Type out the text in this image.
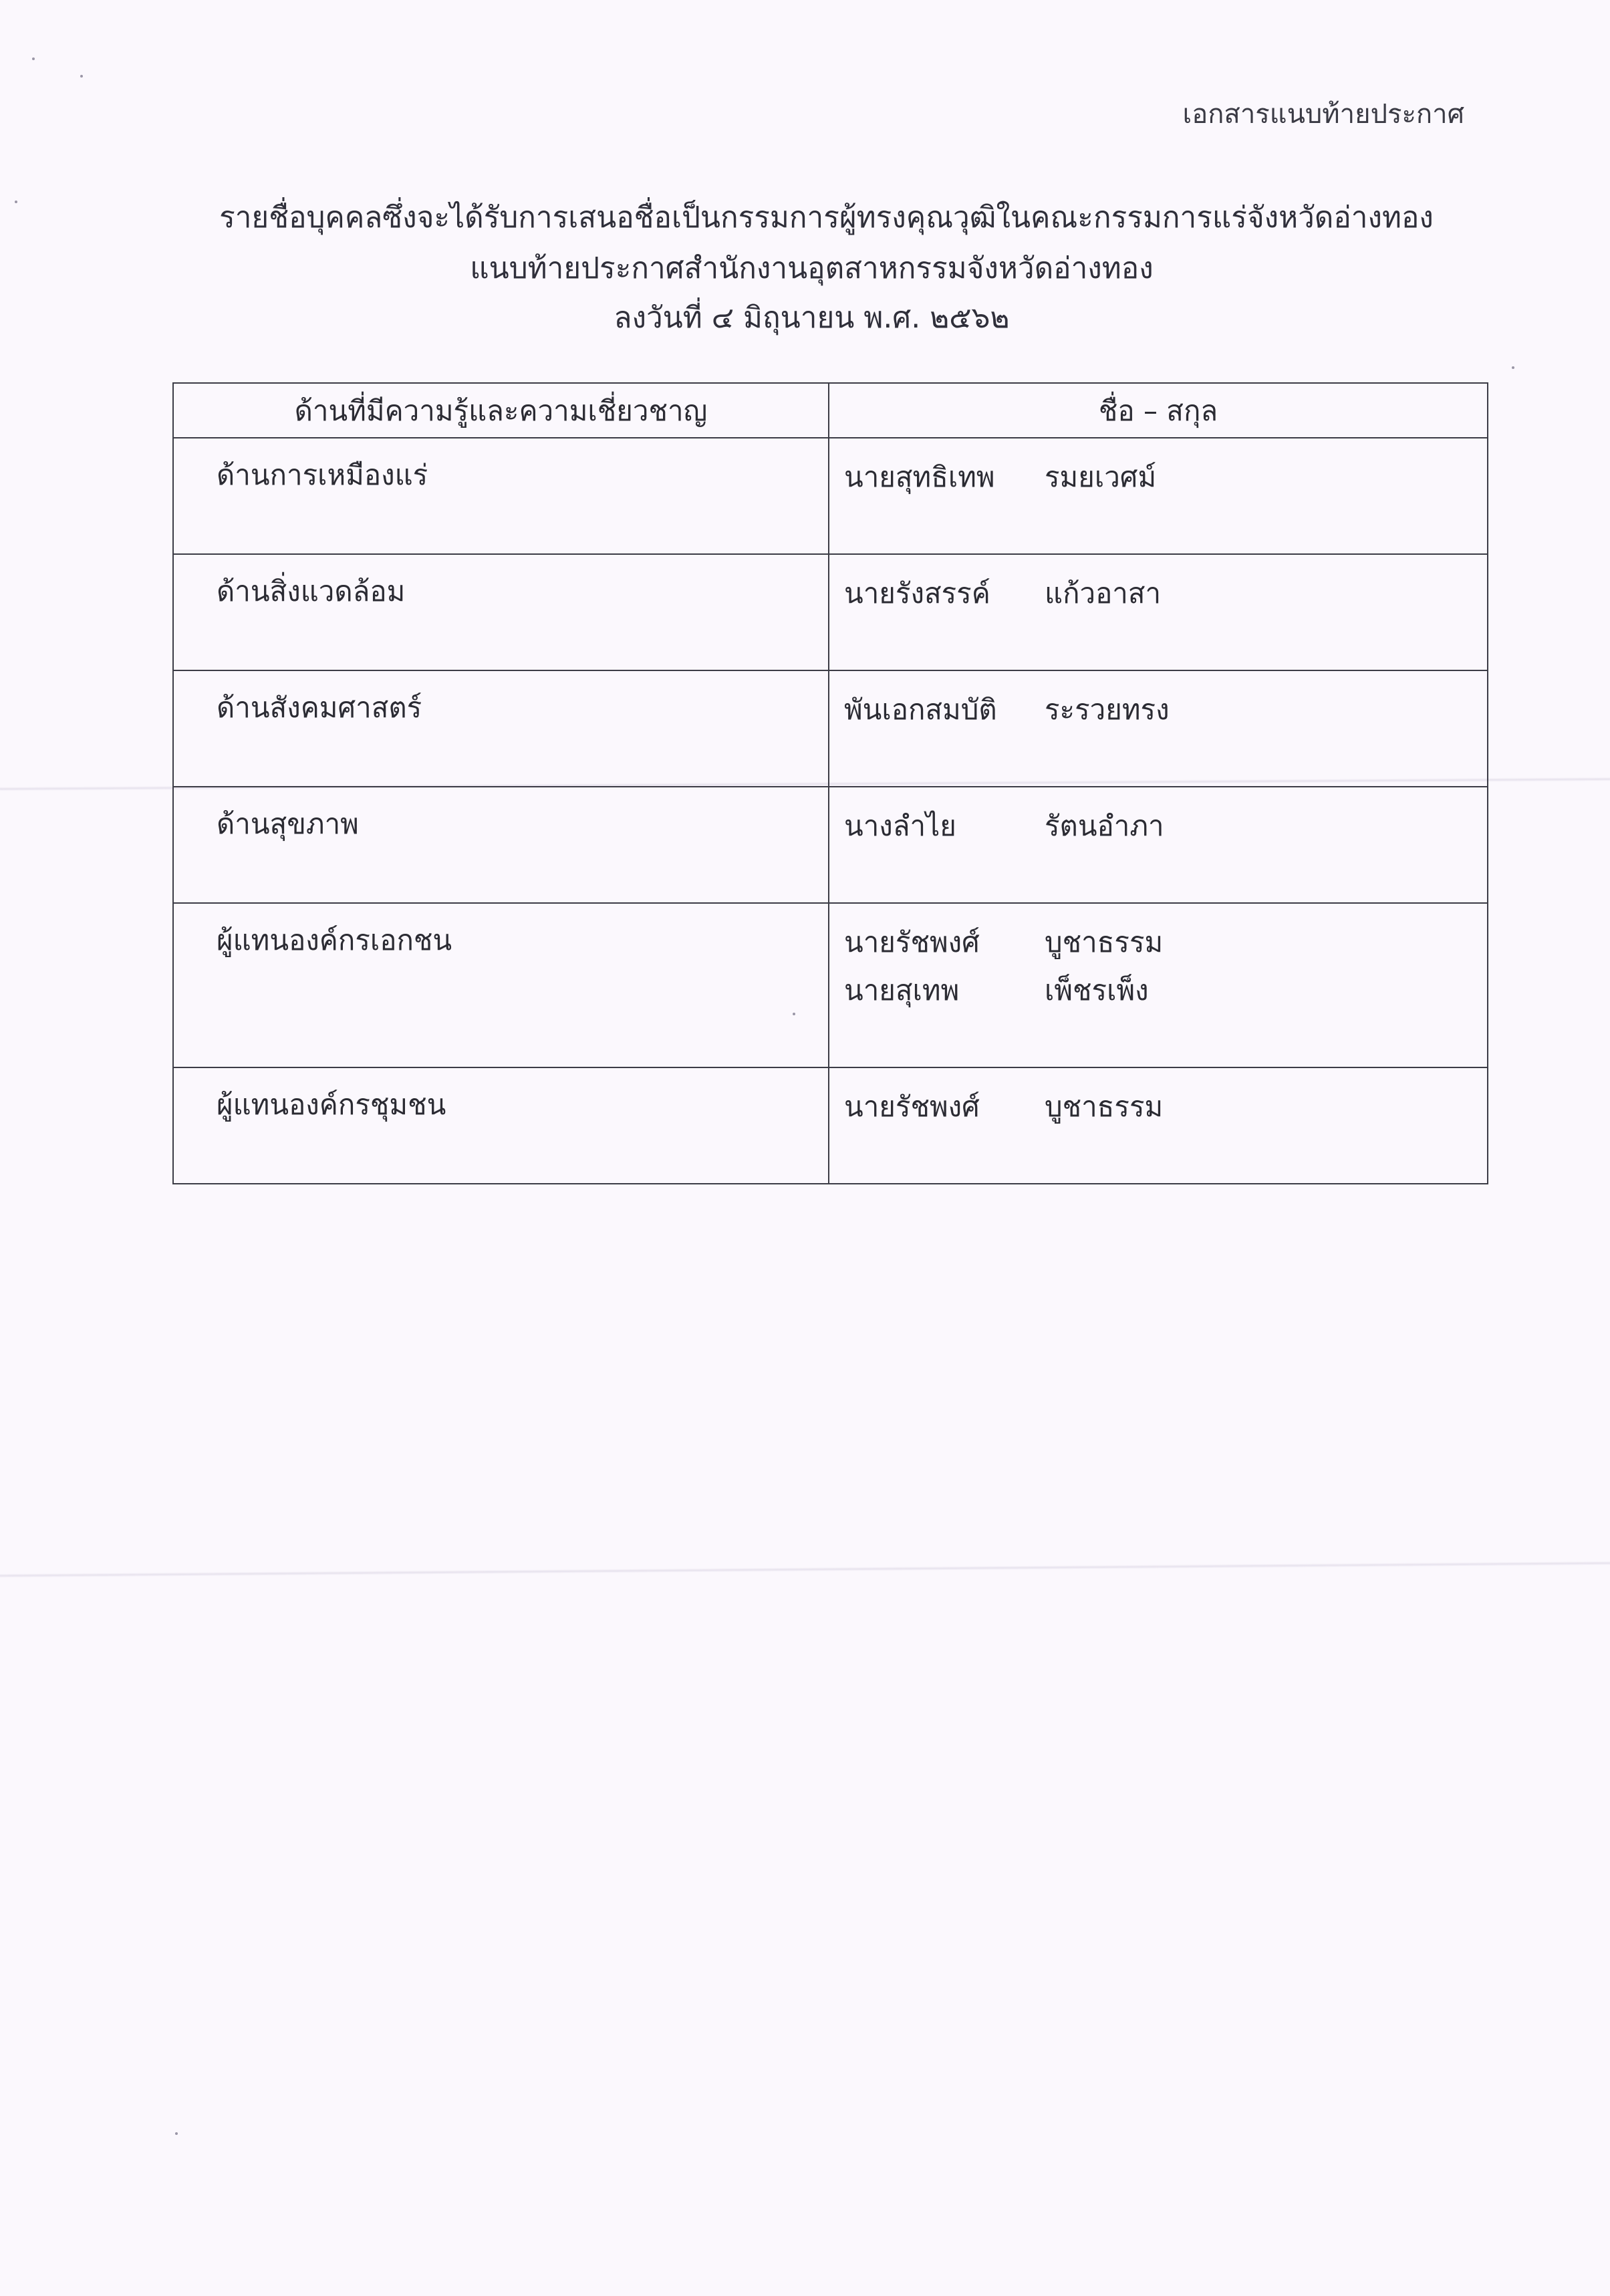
เอกสารแนบท้ายประกาศ
รายชื่อบุคคลซึ่งจะได้รับการเสนอชื่อเป็นกรรมการผู้ทรงคุณวุฒิในคณะกรรมการแร่จังหวัดอ่างทอง
แนบท้ายประกาศสำนักงานอุตสาหกรรมจังหวัดอ่างทอง
ลงวันที่ ๔ มิถุนายน พ.ศ. ๒๕๖๒
ด้านที่มีความรู้และความเชี่ยวชาญ	ชื่อ – สกุล
ด้านการเหมืองแร่	นายสุทธิเทพ รมยเวศม์

ด้านสิ่งแวดล้อม	นายรังสรรค์ แก้วอาสา

ด้านสังคมศาสตร์	พันเอกสมบัติ ระรวยทรง

ด้านสุขภาพ	นางลำไย รัตนอำภา

ผู้แทนองค์กรเอกชน	นายรัชพงศ์ บูชาธรรม
นายสุเทพ เพ็ชรเพ็ง

ผู้แทนองค์กรชุมชน	นายรัชพงศ์ บูชาธรรม
